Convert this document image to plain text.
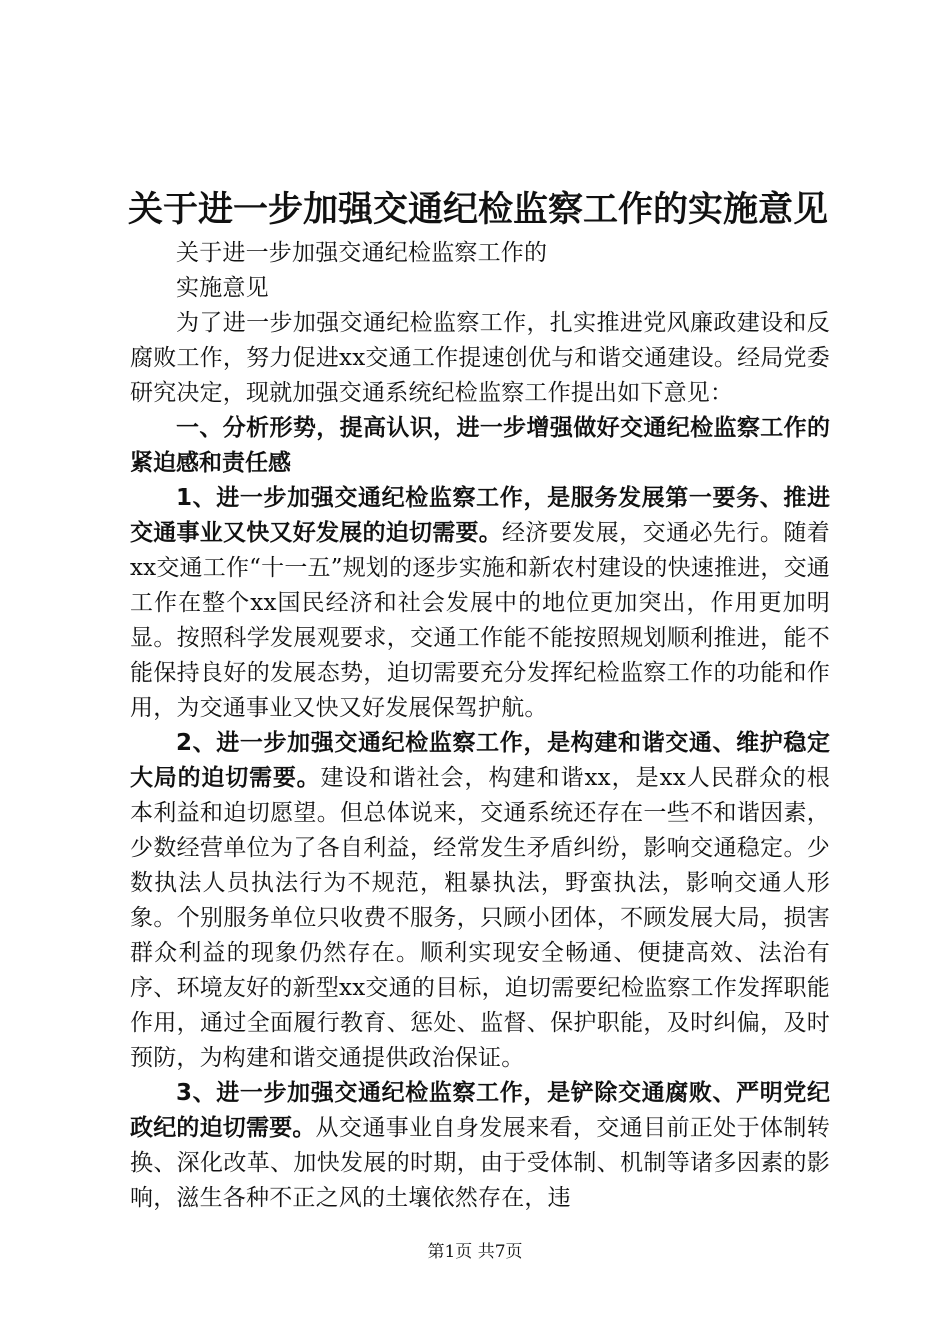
关于进一步加强交通纪检监察工作的实施意见

关于进一步加强交通纪检监察工作的

实施意见

为了进一步加强交通纪检监察工作，扎实推进党风廉政建设和反腐败工作，努力促进xx交通工作提速创优与和谐交通建设。经局党委研究决定，现就加强交通系统纪检监察工作提出如下意见：

一、分析形势，提高认识，进一步增强做好交通纪检监察工作的紧迫感和责任感

1、进一步加强交通纪检监察工作，是服务发展第一要务、推进交通事业又快又好发展的迫切需要。经济要发展，交通必先行。随着xx交通工作“十一五”规划的逐步实施和新农村建设的快速推进，交通工作在整个xx国民经济和社会发展中的地位更加突出，作用更加明显。按照科学发展观要求，交通工作能不能按照规划顺利推进，能不能保持良好的发展态势，迫切需要充分发挥纪检监察工作的功能和作用，为交通事业又快又好发展保驾护航。

2、进一步加强交通纪检监察工作，是构建和谐交通、维护稳定大局的迫切需要。建设和谐社会，构建和谐xx，是xx人民群众的根本利益和迫切愿望。但总体说来，交通系统还存在一些不和谐因素，少数经营单位为了各自利益，经常发生矛盾纠纷，影响交通稳定。少数执法人员执法行为不规范，粗暴执法，野蛮执法，影响交通人形象。个别服务单位只收费不服务，只顾小团体，不顾发展大局，损害群众利益的现象仍然存在。顺利实现安全畅通、便捷高效、法治有序、环境友好的新型xx交通的目标，迫切需要纪检监察工作发挥职能作用，通过全面履行教育、惩处、监督、保护职能，及时纠偏，及时预防，为构建和谐交通提供政治保证。

3、进一步加强交通纪检监察工作，是铲除交通腐败、严明党纪政纪的迫切需要。从交通事业自身发展来看，交通目前正处于体制转换、深化改革、加快发展的时期，由于受体制、机制等诸多因素的影响，滋生各种不正之风的土壤依然存在，违

第1页 共7页
